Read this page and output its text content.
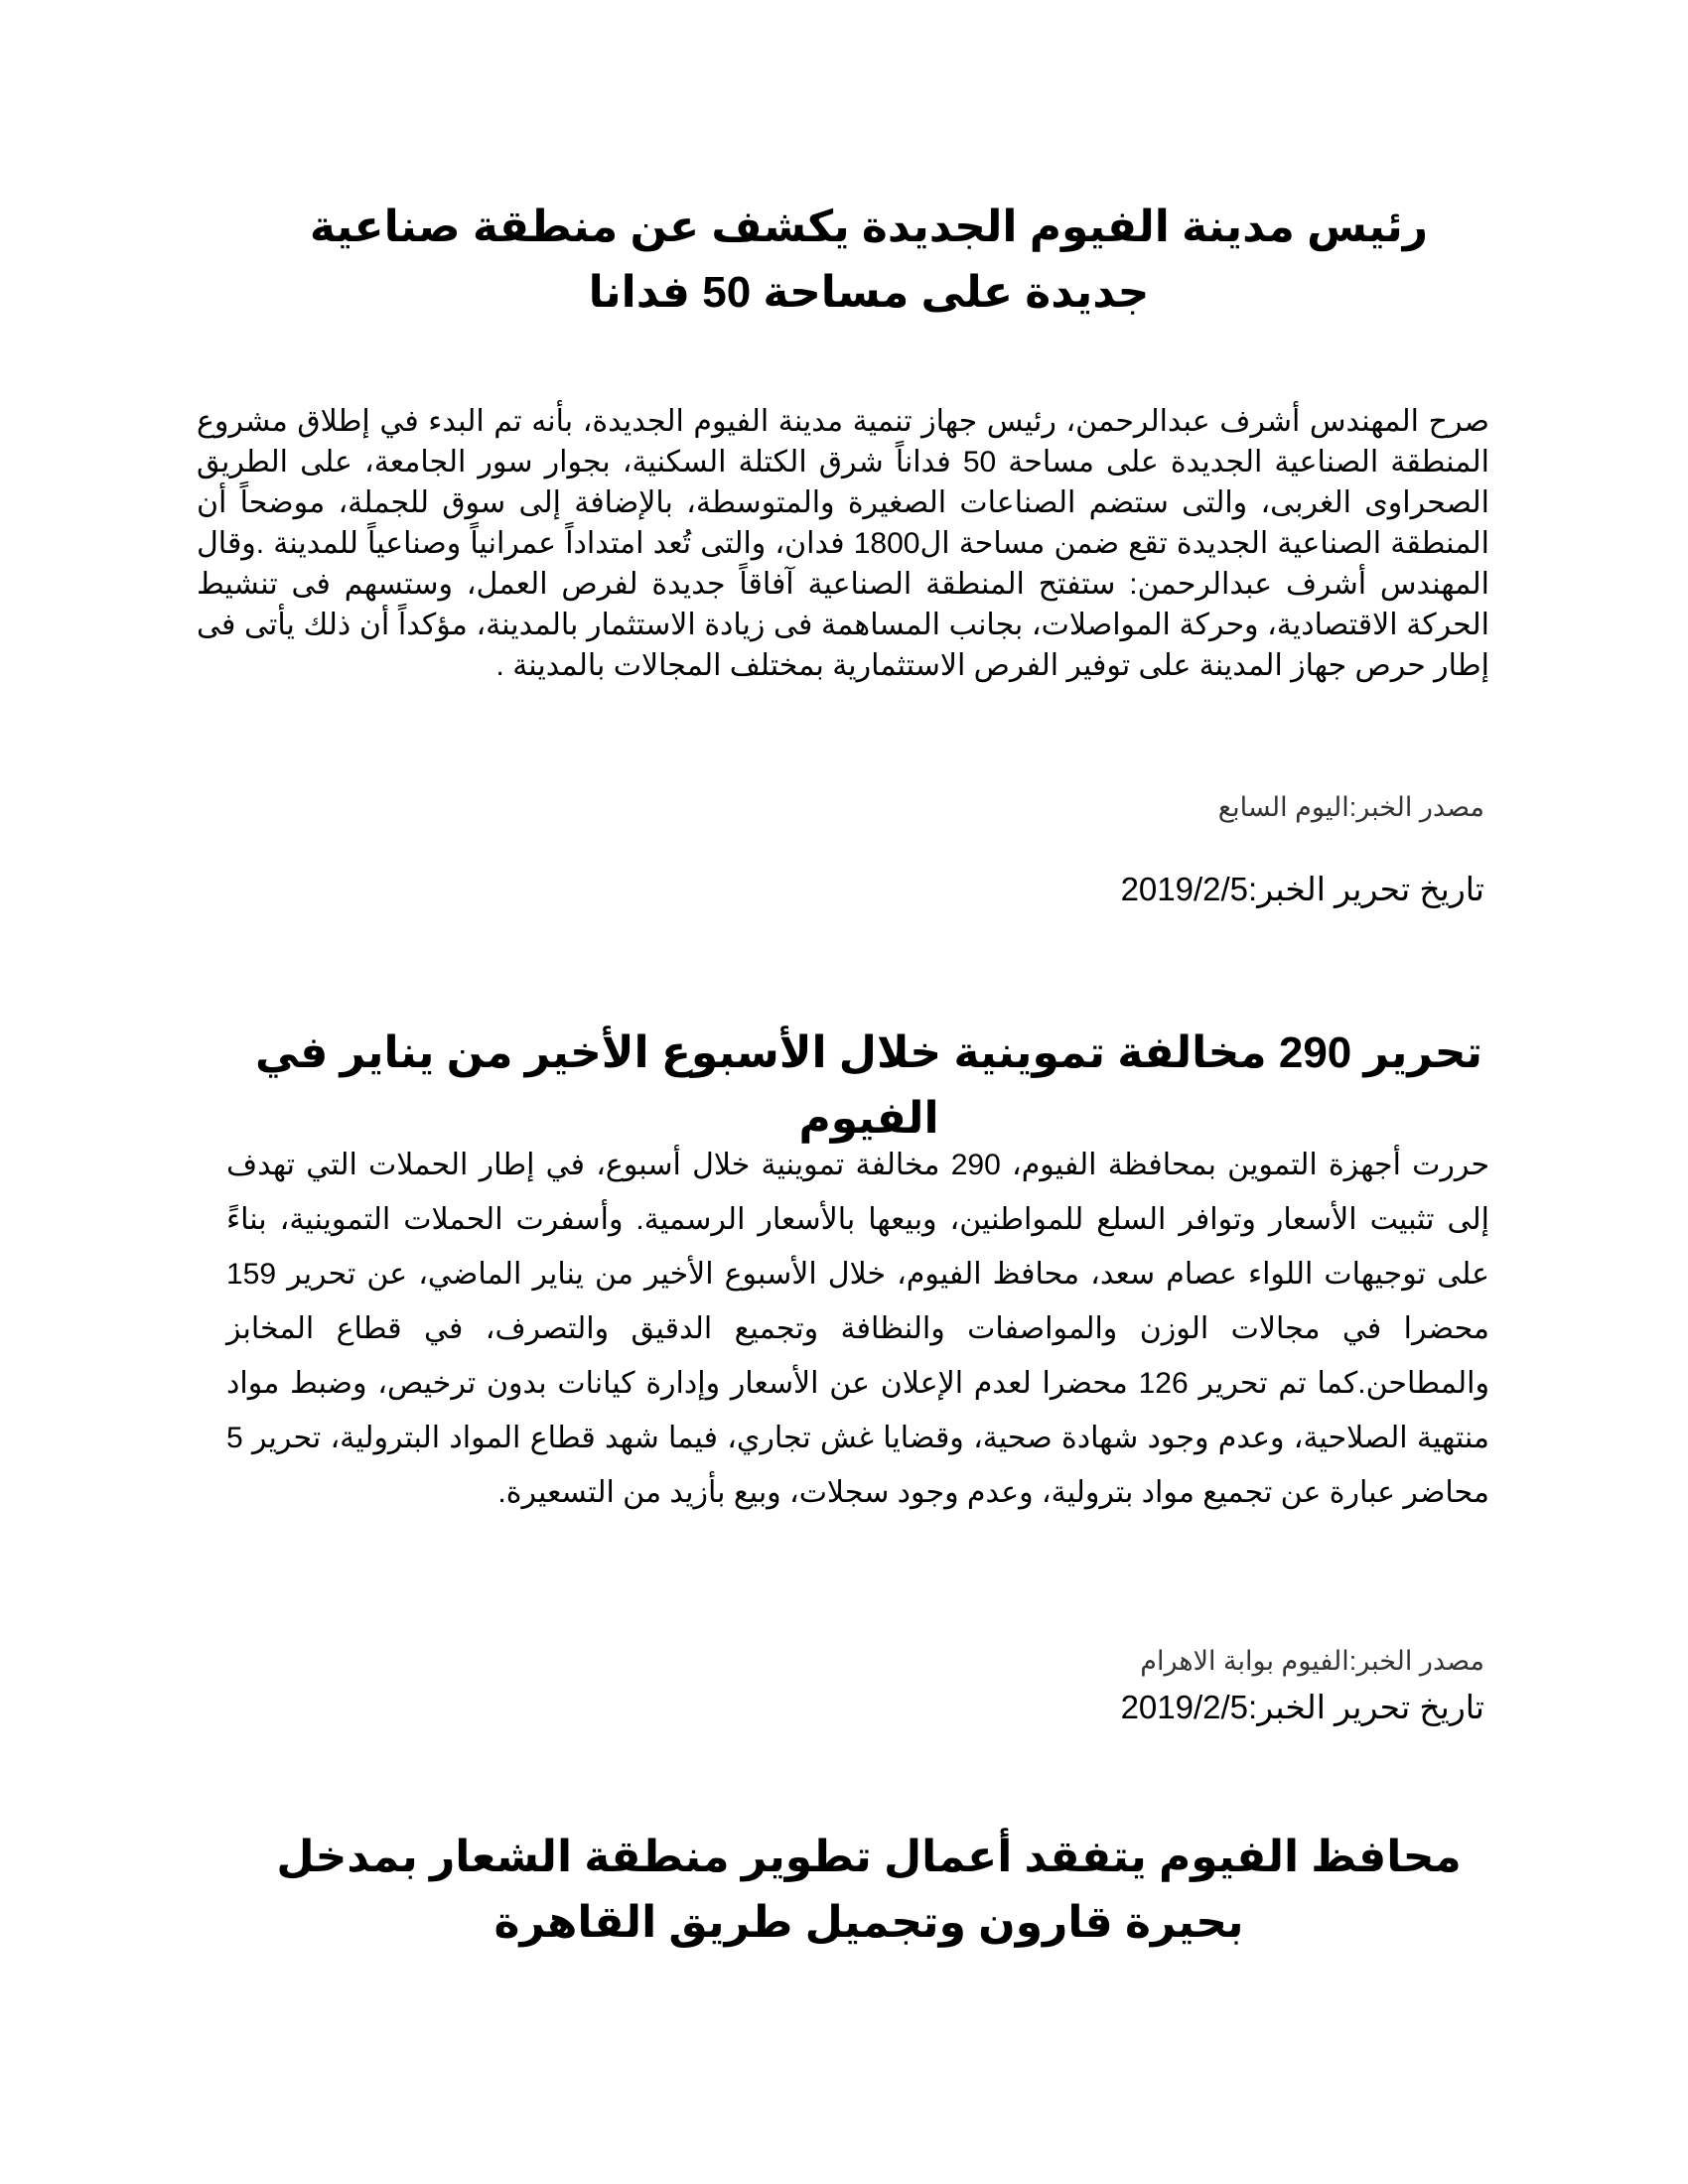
رئيس مدينة الفيوم الجديدة يكشف عن منطقة صناعية جديدة على مساحة 50 فدانا

صرح المهندس أشرف عبدالرحمن، رئيس جهاز تنمية مدينة الفيوم الجديدة، بأنه تم البدء في إطلاق مشروع المنطقة الصناعية الجديدة على مساحة 50 فداناً شرق الكتلة السكنية، بجوار سور الجامعة، على الطريق الصحراوى الغربى، والتى ستضم الصناعات الصغيرة والمتوسطة، بالإضافة إلى سوق للجملة، موضحاً أن المنطقة الصناعية الجديدة تقع ضمن مساحة ال1800 فدان، والتى تُعد امتداداً عمرانياً وصناعياً للمدينة .وقال المهندس أشرف عبدالرحمن: ستفتح المنطقة الصناعية آفاقاً جديدة لفرص العمل، وستسهم فى تنشيط الحركة الاقتصادية، وحركة المواصلات، بجانب المساهمة فى زيادة الاستثمار بالمدينة، مؤكداً أن ذلك يأتى فى إطار حرص جهاز المدينة على توفير الفرص الاستثمارية بمختلف المجالات بالمدينة .

مصدر الخبر:اليوم السابع

تاريخ تحرير الخبر:2019/2/5

تحرير 290 مخالفة تموينية خلال الأسبوع الأخير من يناير في الفيوم

حررت أجهزة التموين بمحافظة الفيوم، 290 مخالفة تموينية خلال أسبوع، في إطار الحملات التي تهدف إلى تثبيت الأسعار وتوافر السلع للمواطنين، وبيعها بالأسعار الرسمية. وأسفرت الحملات التموينية، بناءً على توجيهات اللواء عصام سعد، محافظ الفيوم، خلال الأسبوع الأخير من يناير الماضي، عن تحرير 159 محضرا في مجالات الوزن والمواصفات والنظافة وتجميع الدقيق والتصرف، في قطاع المخابز والمطاحن.كما تم تحرير 126 محضرا لعدم الإعلان عن الأسعار وإدارة كيانات بدون ترخيص، وضبط مواد منتهية الصلاحية، وعدم وجود شهادة صحية، وقضايا غش تجاري، فيما شهد قطاع المواد البترولية، تحرير 5 محاضر عبارة عن تجميع مواد بترولية، وعدم وجود سجلات، وبيع بأزيد من التسعيرة.

مصدر الخبر:الفيوم بوابة الاهرام

تاريخ تحرير الخبر:2019/2/5

محافظ الفيوم يتفقد أعمال تطوير منطقة الشعار بمدخل بحيرة قارون وتجميل طريق القاهرة
